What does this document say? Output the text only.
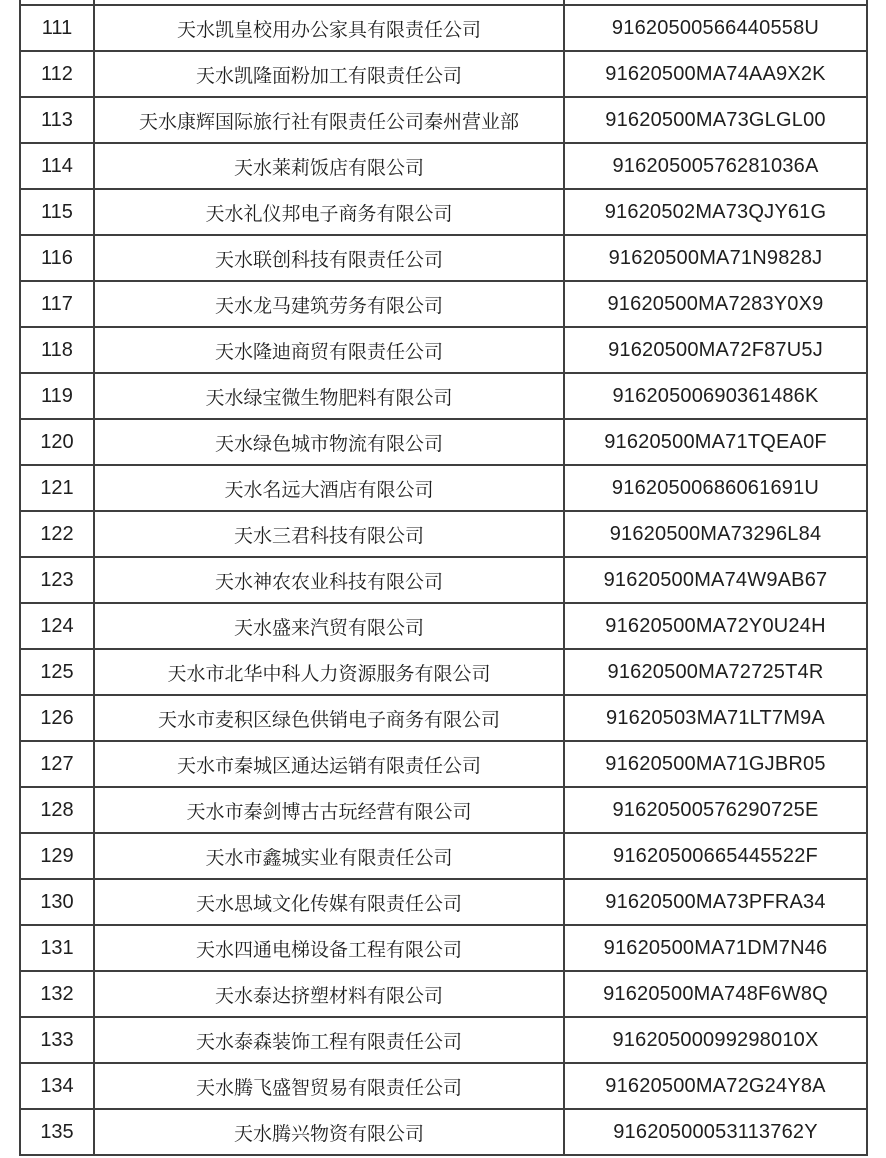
111	天水凯皇校用办公家具有限责任公司	91620500566440558U
112	天水凯隆面粉加工有限责任公司	91620500MA74AA9X2K
113	天水康辉国际旅行社有限责任公司秦州营业部	91620500MA73GLGL00
114	天水莱莉饭店有限公司	91620500576281036A
115	天水礼仪邦电子商务有限公司	91620502MA73QJY61G
116	天水联创科技有限责任公司	91620500MA71N9828J
117	天水龙马建筑劳务有限公司	91620500MA7283Y0X9
118	天水隆迪商贸有限责任公司	91620500MA72F87U5J
119	天水绿宝微生物肥料有限公司	91620500690361486K
120	天水绿色城市物流有限公司	91620500MA71TQEA0F
121	天水名远大酒店有限公司	91620500686061691U
122	天水三君科技有限公司	91620500MA73296L84
123	天水神农农业科技有限公司	91620500MA74W9AB67
124	天水盛来汽贸有限公司	91620500MA72Y0U24H
125	天水市北华中科人力资源服务有限公司	91620500MA72725T4R
126	天水市麦积区绿色供销电子商务有限公司	91620503MA71LT7M9A
127	天水市秦城区通达运销有限责任公司	91620500MA71GJBR05
128	天水市秦剑博古古玩经营有限公司	91620500576290725E
129	天水市鑫城实业有限责任公司	91620500665445522F
130	天水思域文化传媒有限责任公司	91620500MA73PFRA34
131	天水四通电梯设备工程有限公司	91620500MA71DM7N46
132	天水泰达挤塑材料有限公司	91620500MA748F6W8Q
133	天水泰森装饰工程有限责任公司	91620500099298010X
134	天水腾飞盛智贸易有限责任公司	91620500MA72G24Y8A
135	天水腾兴物资有限公司	91620500053113762Y
